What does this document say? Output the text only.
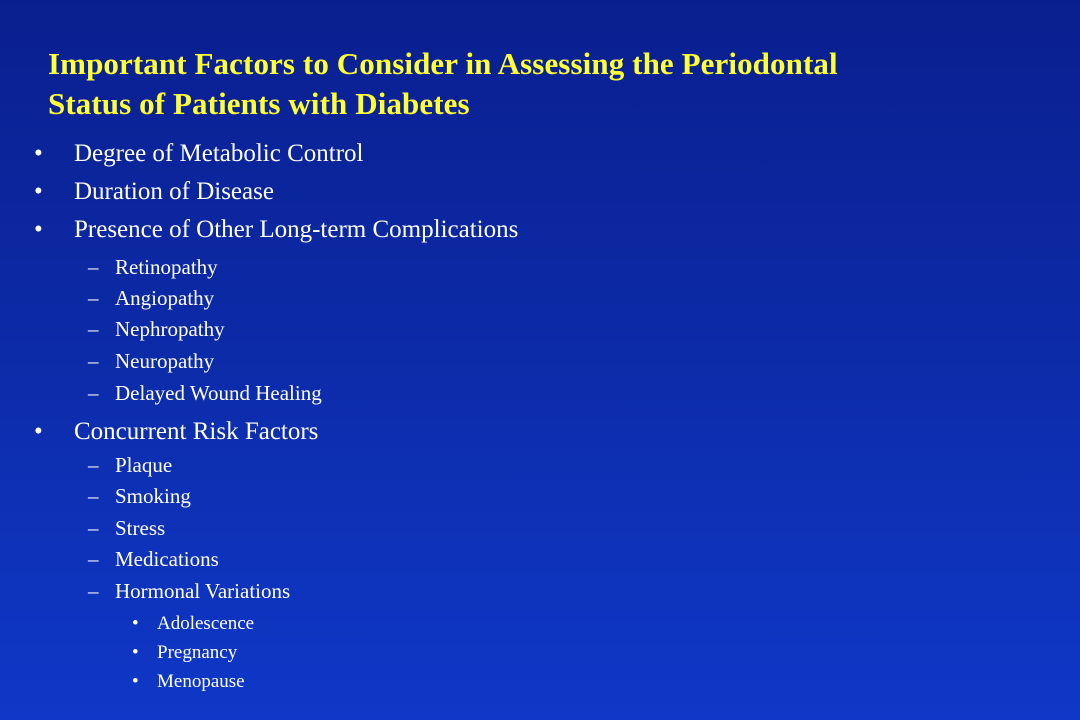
Important Factors to Consider in Assessing the Periodontal
Status of Patients with Diabetes
•	Degree of Metabolic Control
•	Duration of Disease
•	Presence of Other Long-term Complications
– Retinopathy
– Angiopathy
– Nephropathy
– Neuropathy
– Delayed Wound Healing
•	Concurrent Risk Factors
– Plaque
– Smoking
– Stress
– Medications
– Hormonal Variations
• Adolescence
• Pregnancy
• Menopause
